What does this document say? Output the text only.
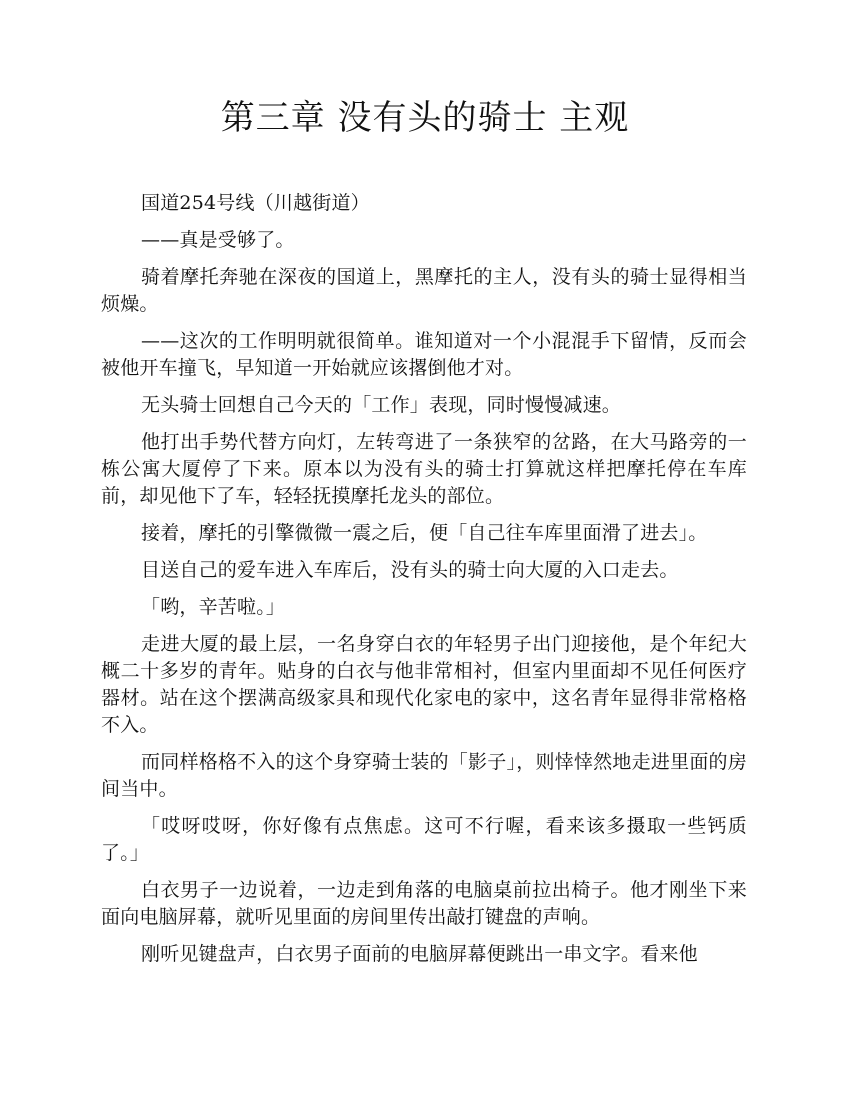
第三章 没有头的骑士 主观

国道254号线（川越街道）

——真是受够了。

骑着摩托奔驰在深夜的国道上，黑摩托的主人，没有头的骑士显得相当烦燥。

——这次的工作明明就很简单。谁知道对一个小混混手下留情，反而会被他开车撞飞，早知道一开始就应该撂倒他才对。

无头骑士回想自己今天的「工作」表现，同时慢慢减速。

他打出手势代替方向灯，左转弯进了一条狭窄的岔路，在大马路旁的一栋公寓大厦停了下来。原本以为没有头的骑士打算就这样把摩托停在车库前，却见他下了车，轻轻抚摸摩托龙头的部位。

接着，摩托的引擎微微一震之后，便「自己往车库里面滑了进去」。

目送自己的爱车进入车库后，没有头的骑士向大厦的入口走去。

「哟，辛苦啦。」

走进大厦的最上层，一名身穿白衣的年轻男子出门迎接他，是个年纪大概二十多岁的青年。贴身的白衣与他非常相衬，但室内里面却不见任何医疗器材。站在这个摆满高级家具和现代化家电的家中，这名青年显得非常格格不入。

而同样格格不入的这个身穿骑士装的「影子」，则悻悻然地走进里面的房间当中。

「哎呀哎呀，你好像有点焦虑。这可不行喔，看来该多摄取一些钙质了。」

白衣男子一边说着，一边走到角落的电脑桌前拉出椅子。他才刚坐下来面向电脑屏幕，就听见里面的房间里传出敲打键盘的声响。

刚听见键盘声，白衣男子面前的电脑屏幕便跳出一串文字。看来他
